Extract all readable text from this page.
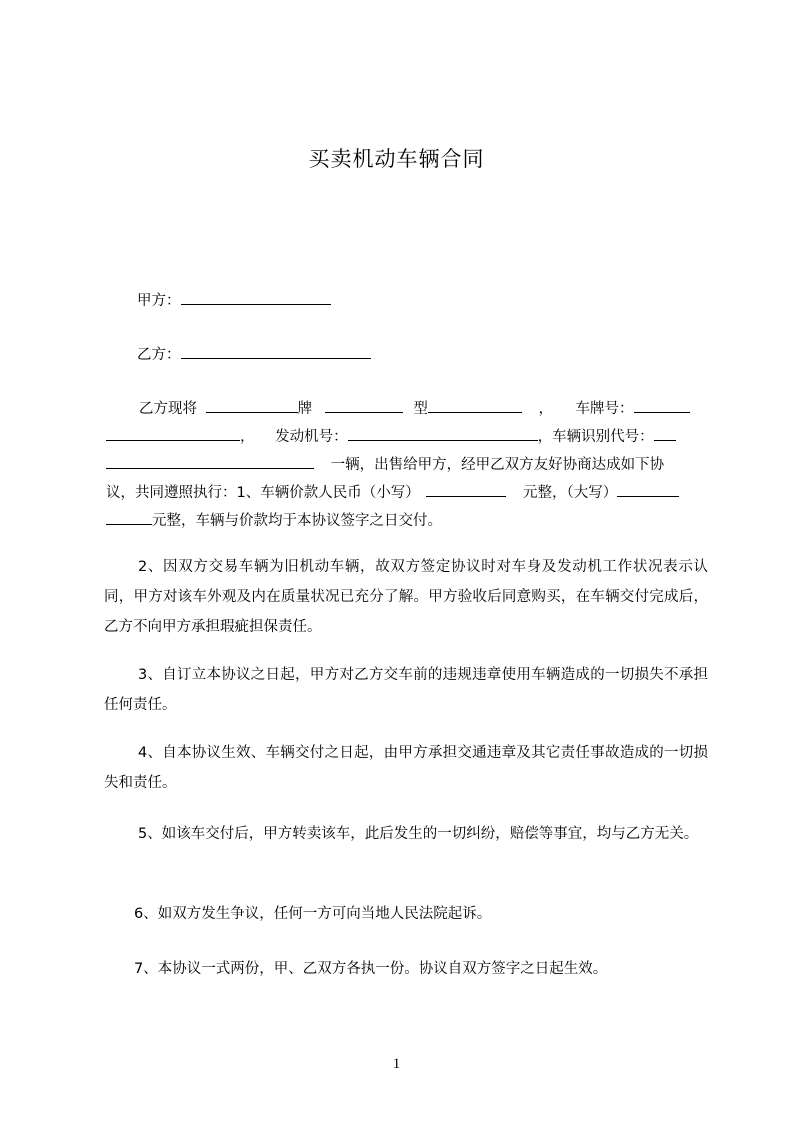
买卖机动车辆合同
甲方：
乙方：
乙方现将	牌	型	， 车牌号：
， 发动机号：	，车辆识别代号：
一辆，出售给甲方，经甲乙双方友好协商达成如下协
议，共同遵照执行：1、车辆价款人民币（小写）	元整，（大写）
元整，车辆与价款均于本协议签字之日交付。
2、因双方交易车辆为旧机动车辆，故双方签定协议时对车身及发动机工作状况表示认同，甲方对该车外观及内在质量状况已充分了解。甲方验收后同意购买，在车辆交付完成后，乙方不向甲方承担瑕疵担保责任。
3、自订立本协议之日起，甲方对乙方交车前的违规违章使用车辆造成的一切损失不承担任何责任。
4、自本协议生效、车辆交付之日起，由甲方承担交通违章及其它责任事故造成的一切损失和责任。
5、如该车交付后，甲方转卖该车，此后发生的一切纠纷，赔偿等事宜，均与乙方无关。
6、如双方发生争议，任何一方可向当地人民法院起诉。
7、本协议一式两份，甲、乙双方各执一份。协议自双方签字之日起生效。
1
